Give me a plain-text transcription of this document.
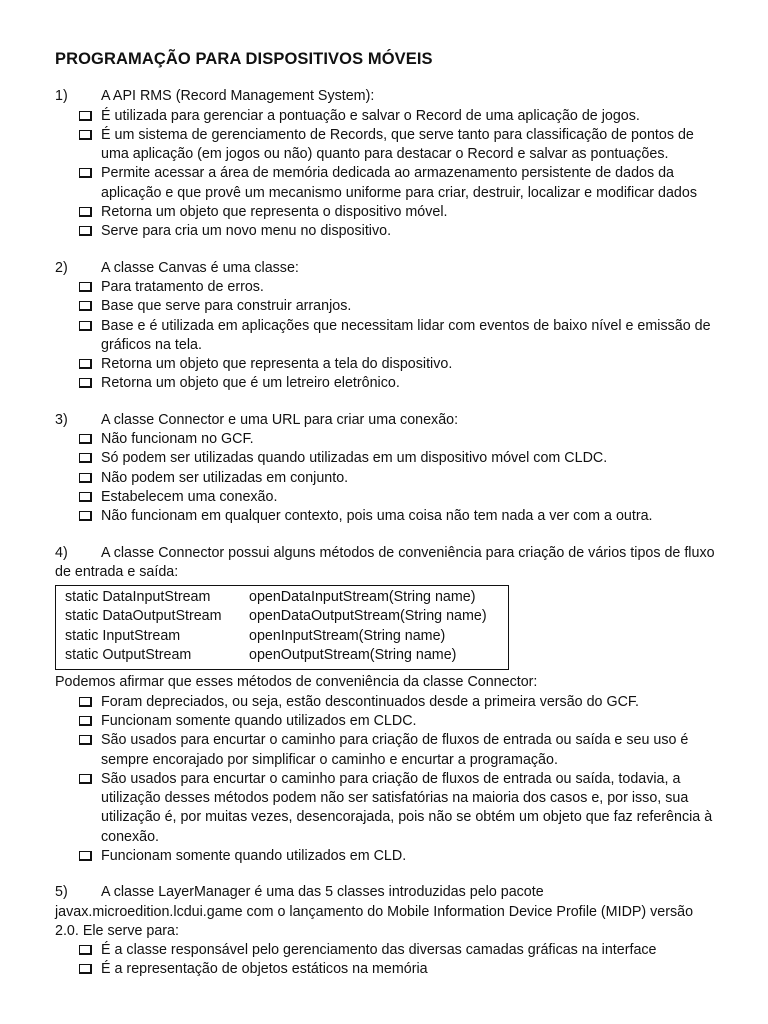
PROGRAMAÇÃO PARA DISPOSITIVOS MÓVEIS
1)	A API RMS (Record Management System):
É utilizada para gerenciar a pontuação e salvar o Record de uma aplicação de jogos.
É um sistema de gerenciamento de Records, que serve tanto para classificação de pontos de uma aplicação (em jogos ou não) quanto para destacar o Record e salvar as pontuações.
Permite acessar a área de memória dedicada ao armazenamento persistente de dados da aplicação e que provê um mecanismo uniforme para criar, destruir, localizar e modificar dados
Retorna um objeto que representa o dispositivo móvel.
Serve para cria um novo menu no dispositivo.
2)	A classe Canvas é uma classe:
Para tratamento de erros.
Base que serve para construir arranjos.
Base e é utilizada em aplicações que necessitam lidar com eventos de baixo nível e emissão de gráficos na tela.
Retorna um objeto que representa a tela do dispositivo.
Retorna um objeto que é um letreiro eletrônico.
3)	A classe Connector e uma URL para criar uma conexão:
Não funcionam no GCF.
Só podem ser utilizadas quando utilizadas em um dispositivo móvel com CLDC.
Não podem ser utilizadas em conjunto.
Estabelecem uma conexão.
Não funcionam em qualquer contexto, pois uma coisa não tem nada a ver com a outra.
4)	A classe Connector possui alguns métodos de conveniência para criação de vários tipos de fluxo
de entrada e saída:
static DataInputStream	openDataInputStream(String name)
static DataOutputStream	openDataOutputStream(String name)
static InputStream	openInputStream(String name)
static OutputStream	openOutputStream(String name)
Podemos afirmar que esses métodos de conveniência da classe Connector:
Foram depreciados, ou seja, estão descontinuados desde a primeira versão do GCF.
Funcionam somente quando utilizados em CLDC.
São usados para encurtar o caminho para criação de fluxos de entrada ou saída e seu uso é sempre encorajado por simplificar o caminho e encurtar a programação.
São usados para encurtar o caminho para criação de fluxos de entrada ou saída, todavia, a utilização desses métodos podem não ser satisfatórias na maioria dos casos e, por isso, sua utilização é, por muitas vezes, desencorajada, pois não se obtém um objeto que faz referência à conexão.
Funcionam somente quando utilizados em CLD.
5)	A classe LayerManager é uma das 5 classes introduzidas pelo pacote
javax.microedition.lcdui.game com o lançamento do Mobile Information Device Profile (MIDP) versão
2.0. Ele serve para:
É a classe responsável pelo gerenciamento das diversas camadas gráficas na interface
É a representação de objetos estáticos na memória
